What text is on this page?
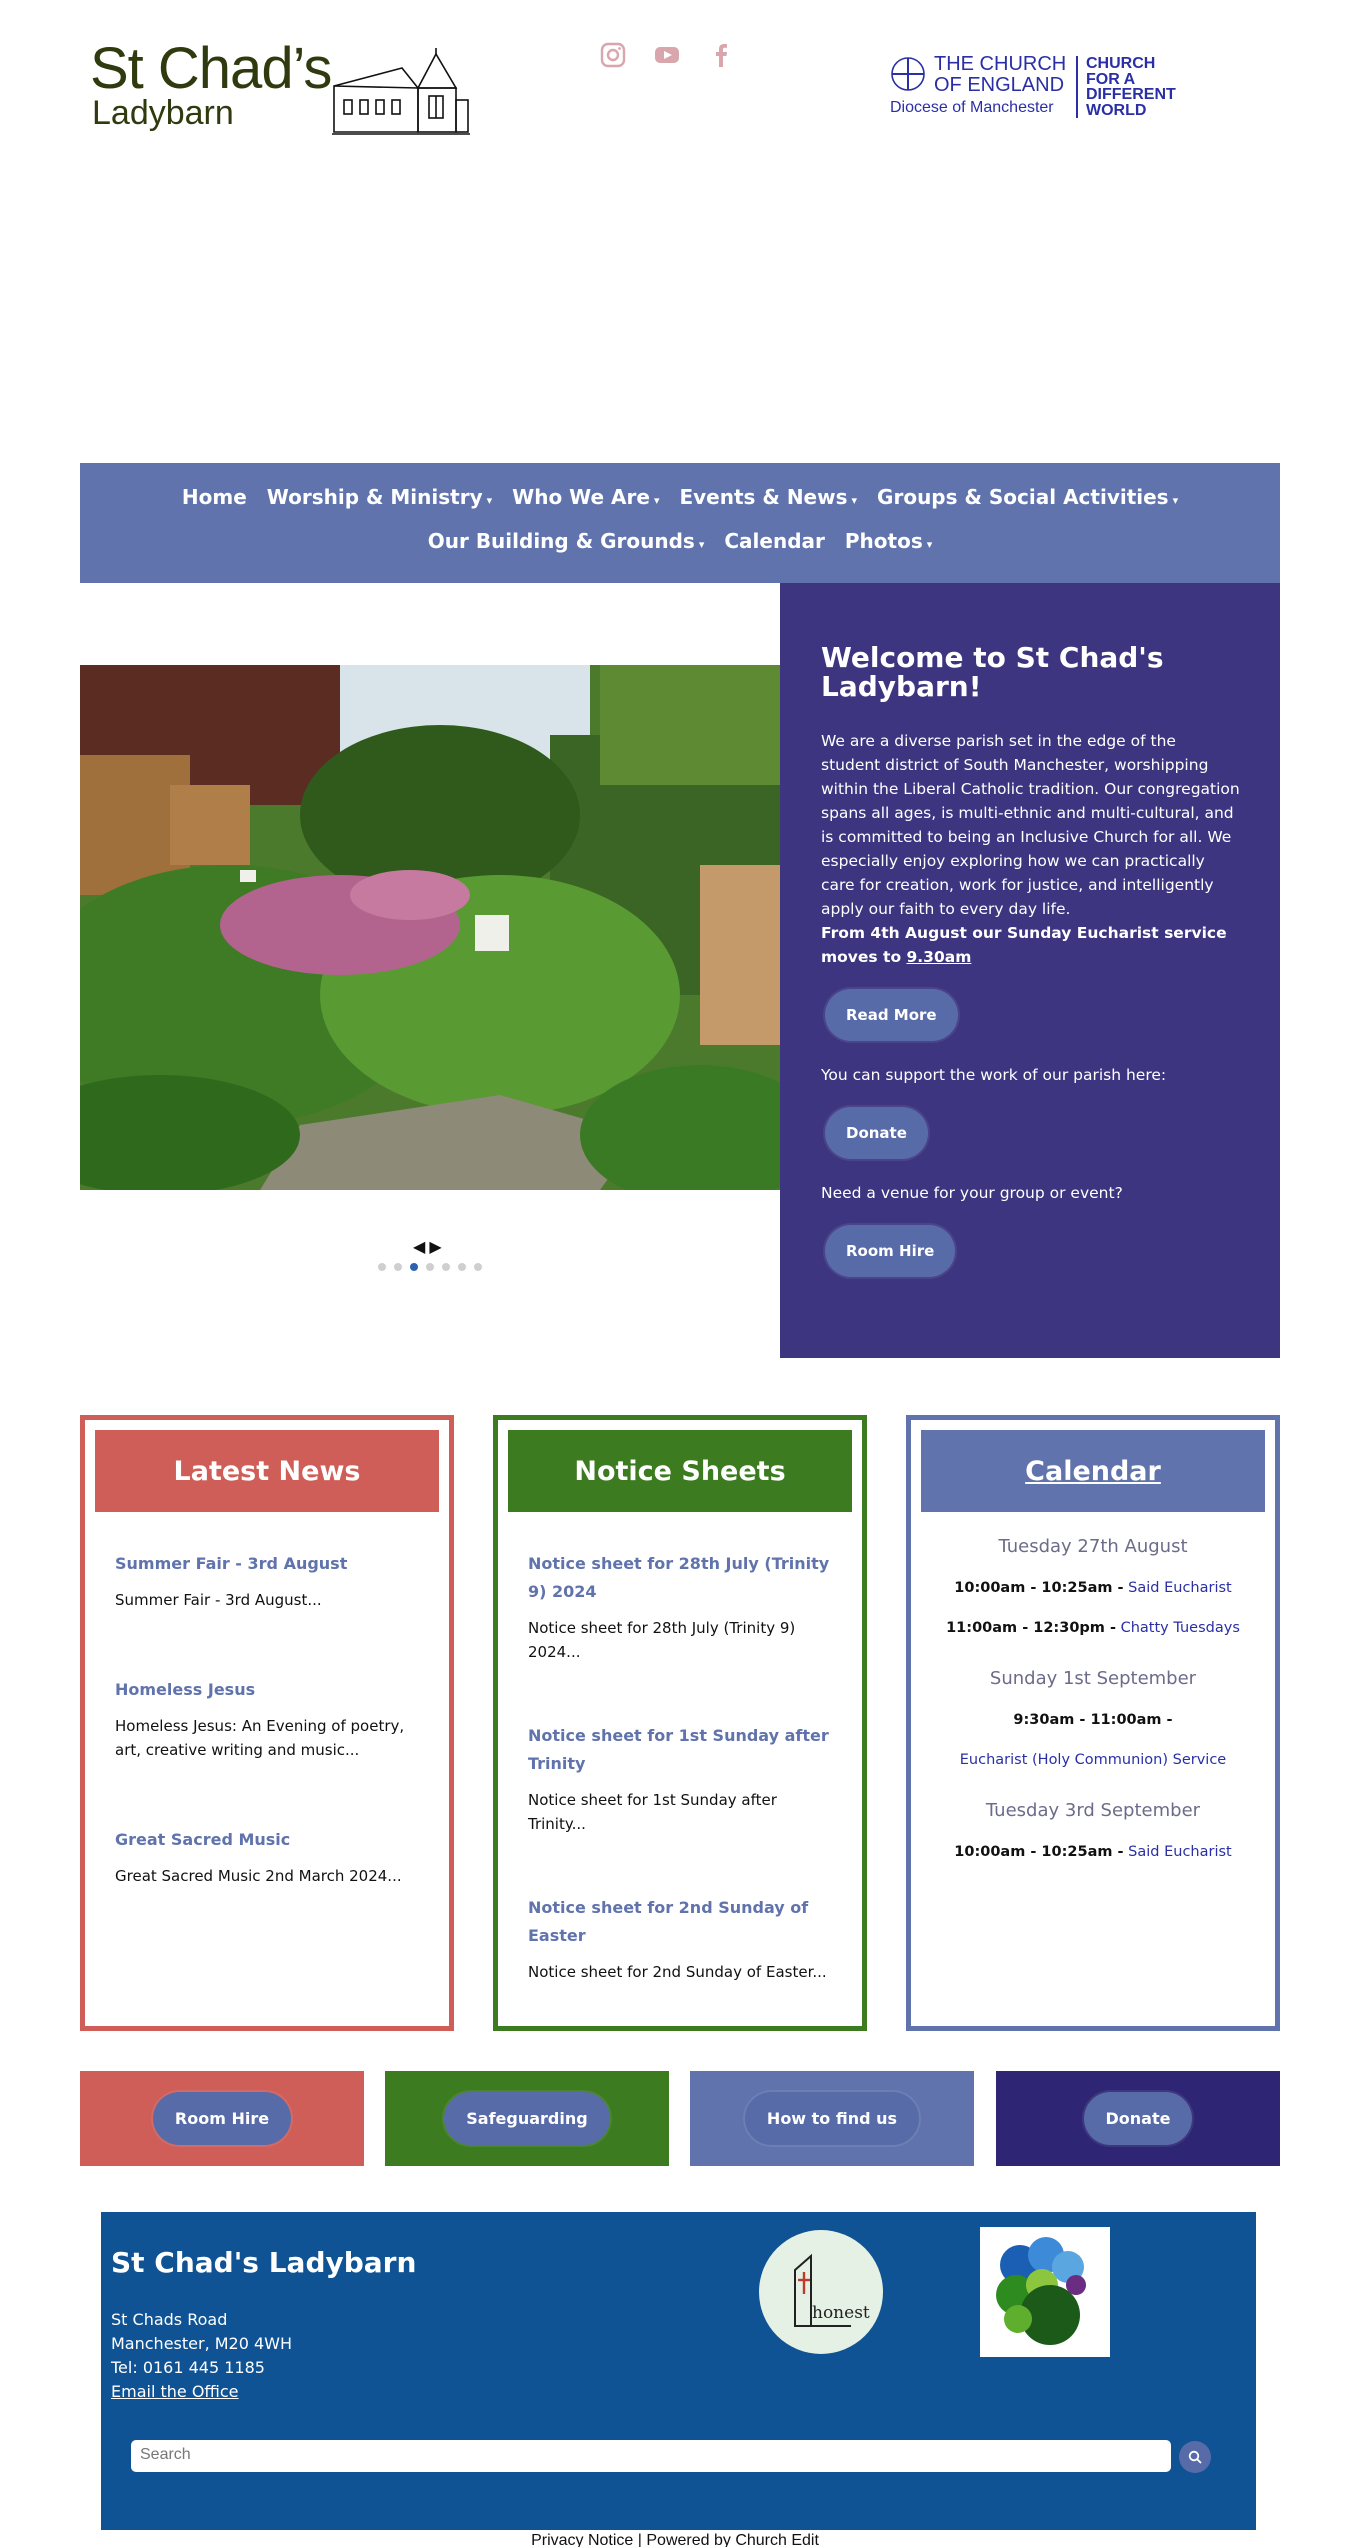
St Chad’s
Ladybarn
THE CHURCH
OF ENGLAND
Diocese of Manchester
CHURCH
FOR A
DIFFERENT
WORLD
Home Worship & Ministry ▾ Who We Are ▾ Events & News ▾ Groups & Social Activities ▾
Our Building & Grounds ▾ Calendar Photos ▾
◀▶
Welcome to St Chad's Ladybarn!

We are a diverse parish set in the edge of the student district of South Manchester, worshipping within the Liberal Catholic tradition. Our congregation spans all ages, is multi-ethnic and multi-cultural, and is committed to being an Inclusive Church for all. We especially enjoy exploring how we can practically care for creation, work for justice, and intelligently apply our faith to every day life.

From 4th August our Sunday Eucharist service moves to 9.30am

Read More

You can support the work of our parish here:

Donate

Need a venue for your group or event?

Room Hire
Latest News
Summer Fair - 3rd August
Summer Fair - 3rd August...
Homeless Jesus
Homeless Jesus: An Evening of poetry, art, creative writing and music...
Great Sacred Music
Great Sacred Music 2nd March 2024...
Notice Sheets
Notice sheet for 28th July (Trinity 9) 2024
Notice sheet for 28th July (Trinity 9) 2024...
Notice sheet for 1st Sunday after Trinity
Notice sheet for 1st Sunday after Trinity...
Notice sheet for 2nd Sunday of Easter
Notice sheet for 2nd Sunday of Easter...
Calendar
Tuesday 27th August
10:00am - 10:25am - Said Eucharist
11:00am - 12:30pm - Chatty Tuesdays
Sunday 1st September
9:30am - 11:00am -
Eucharist (Holy Communion) Service
Tuesday 3rd September
10:00am - 10:25am - Said Eucharist
Room Hire	Safeguarding	How to find us	Donate
St Chad's Ladybarn
St Chads Road
Manchester, M20 4WH
Tel: 0161 445 1185
Email the Office
honest
Search
Privacy Notice | Powered by Church Edit
